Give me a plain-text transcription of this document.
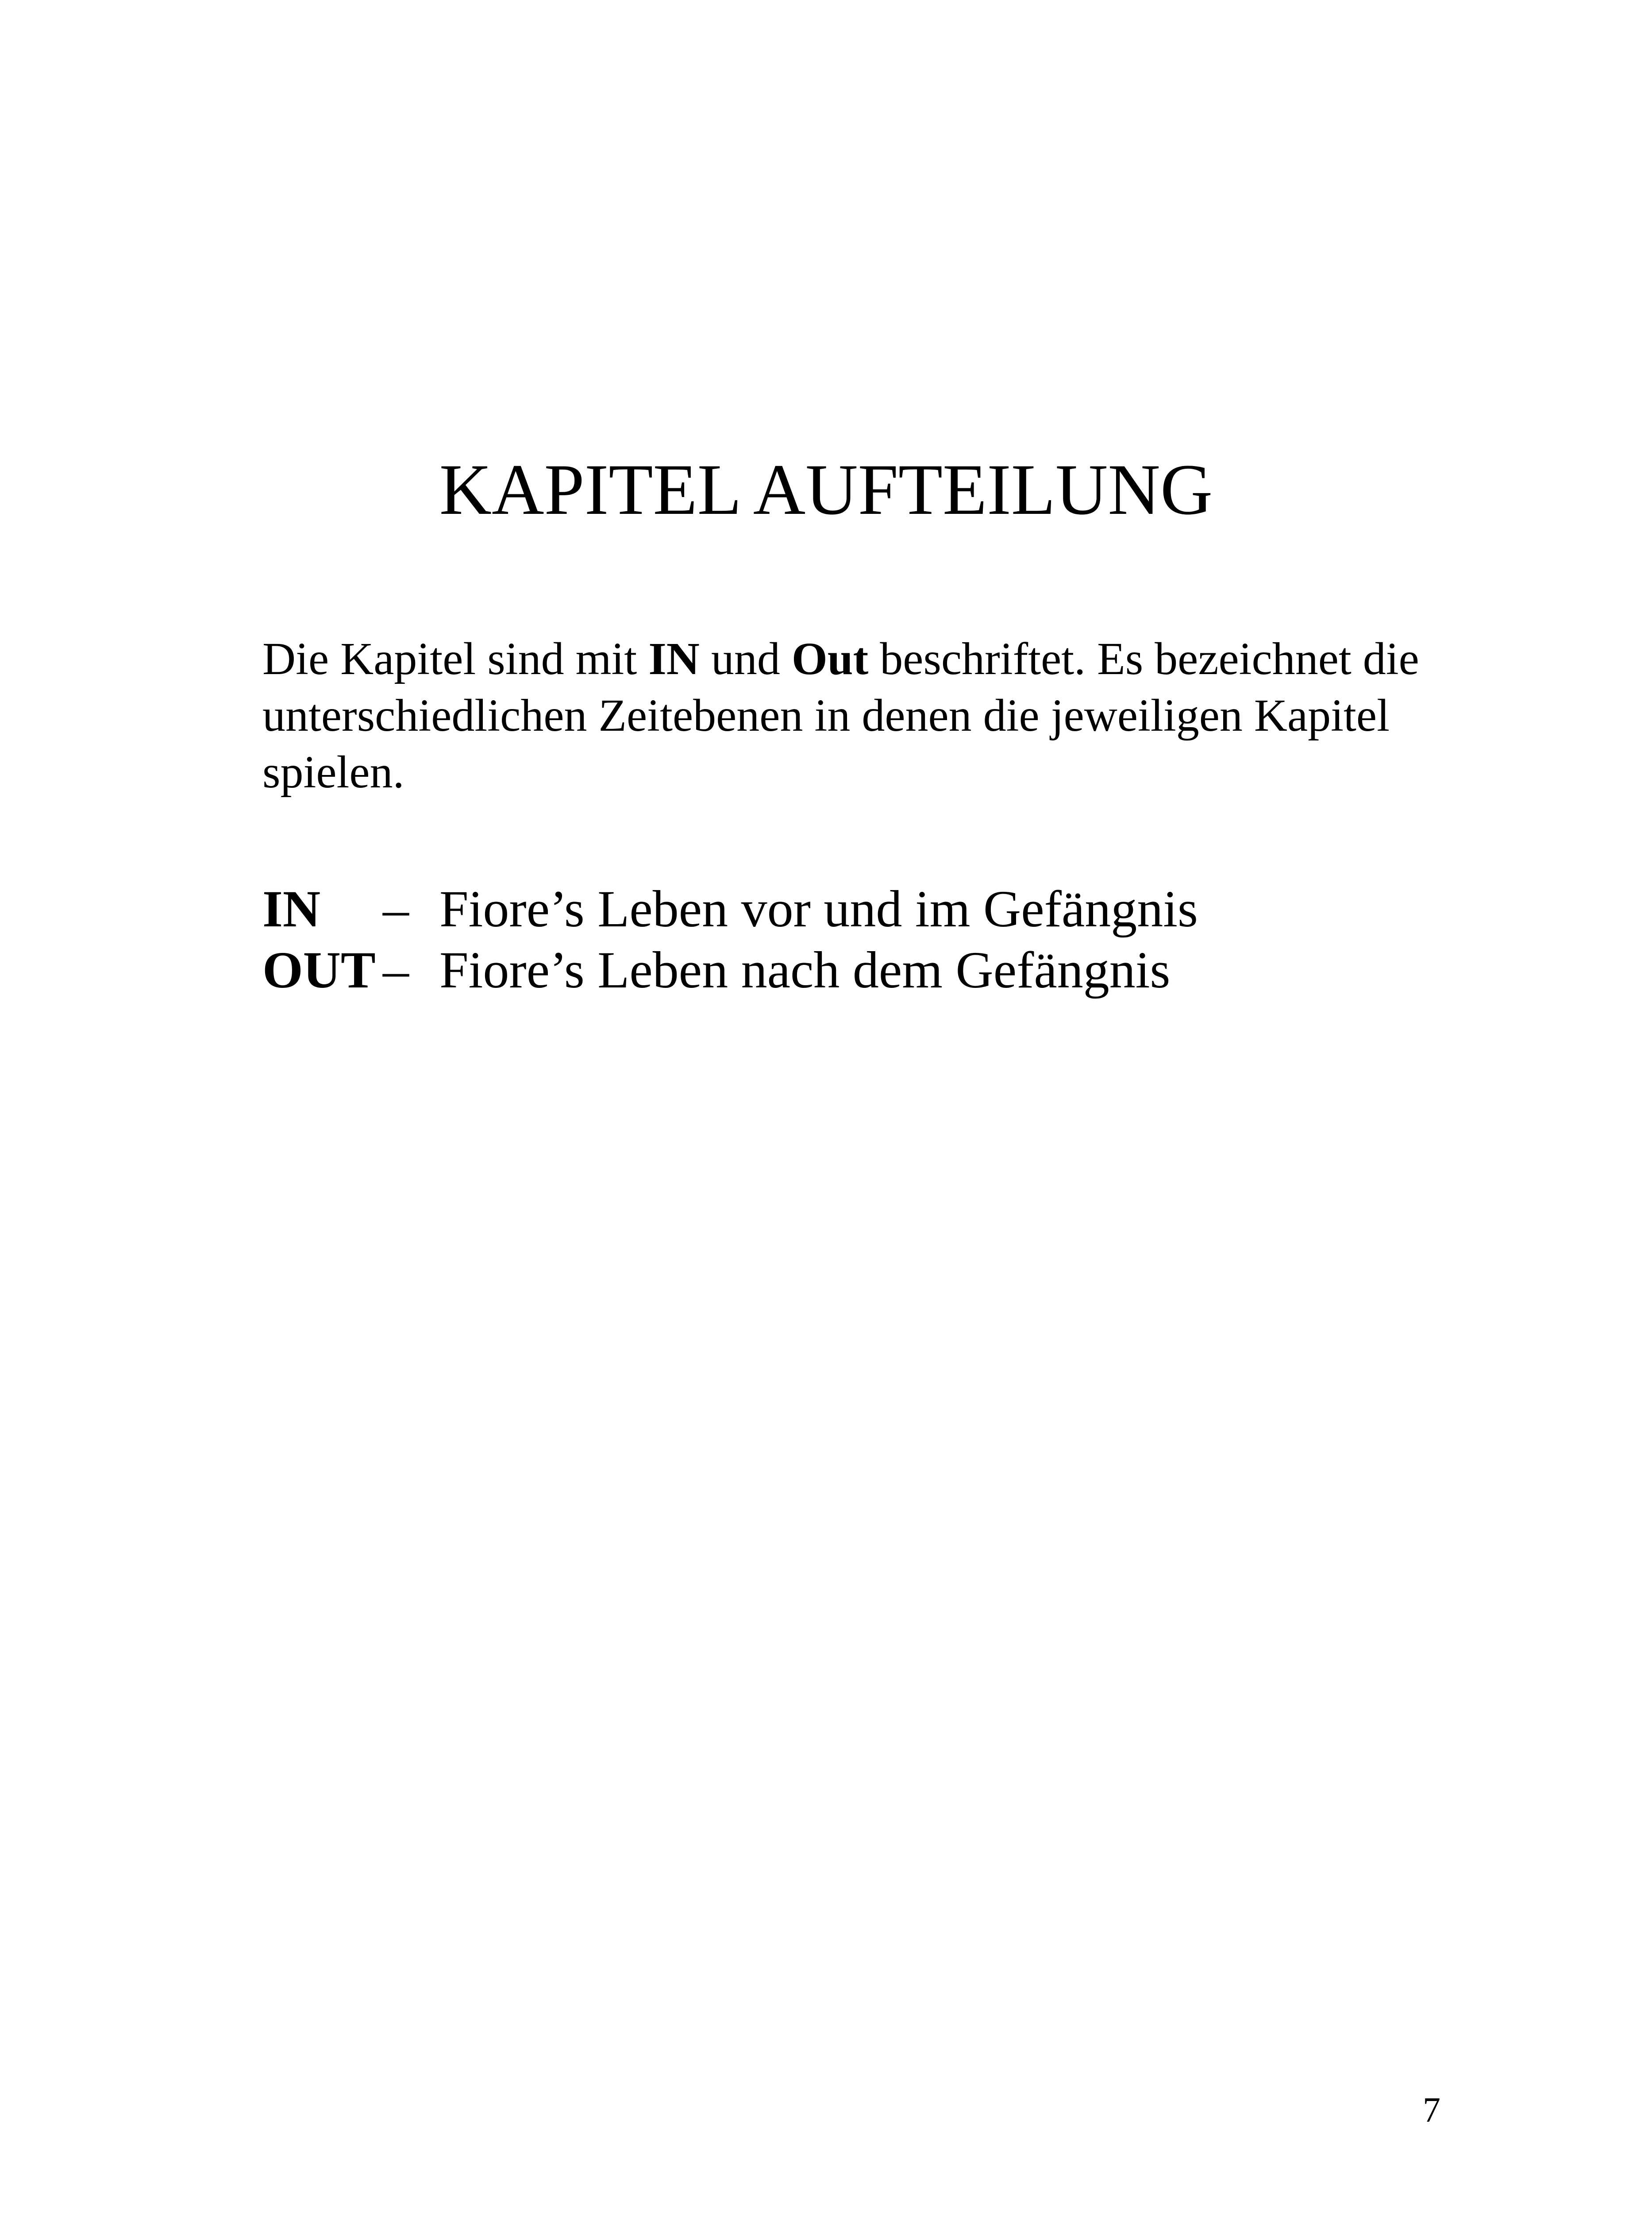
KAPITEL AUFTEILUNG

Die Kapitel sind mit IN und Out beschriftet. Es bezeichnet die unterschiedlichen Zeitebenen in denen die jeweiligen Kapitel spielen.

IN	– Fiore’s Leben vor und im Gefängnis
OUT – Fiore’s Leben nach dem Gefängnis
7
